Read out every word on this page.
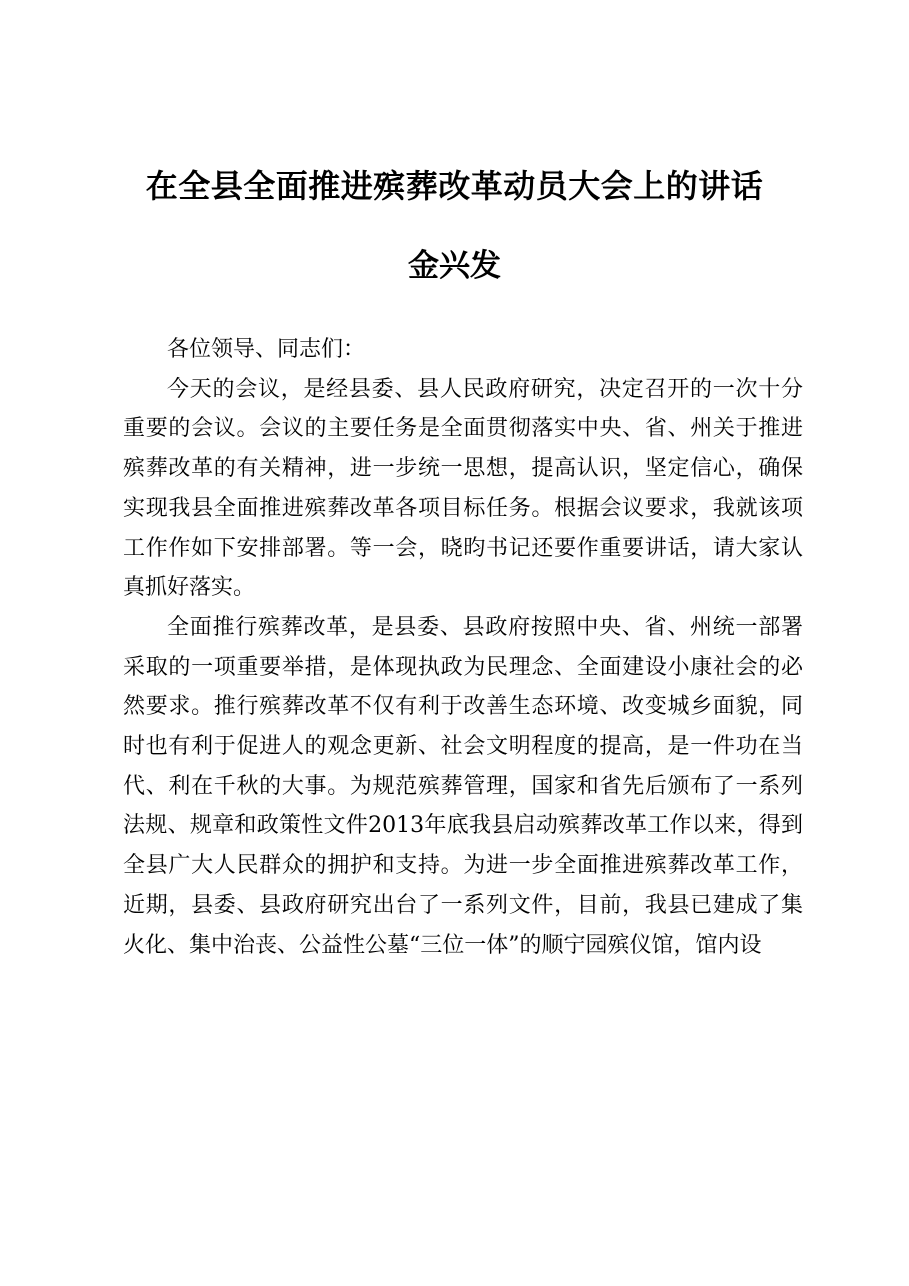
在全县全面推进殡葬改革动员大会上的讲话
金兴发

各位领导、同志们：

今天的会议，是经县委、县人民政府研究，决定召开的一次十分重要的会议。会议的主要任务是全面贯彻落实中央、省、州关于推进殡葬改革的有关精神，进一步统一思想，提高认识，坚定信心，确保实现我县全面推进殡葬改革各项目标任务。根据会议要求，我就该项工作作如下安排部署。等一会，晓昀书记还要作重要讲话，请大家认真抓好落实。

全面推行殡葬改革，是县委、县政府按照中央、省、州统一部署采取的一项重要举措，是体现执政为民理念、全面建设小康社会的必然要求。推行殡葬改革不仅有利于改善生态环境、改变城乡面貌，同时也有利于促进人的观念更新、社会文明程度的提高，是一件功在当代、利在千秋的大事。为规范殡葬管理，国家和省先后颁布了一系列法规、规章和政策性文件2013年底我县启动殡葬改革工作以来，得到全县广大人民群众的拥护和支持。为进一步全面推进殡葬改革工作，近期，县委、县政府研究出台了一系列文件，目前，我县已建成了集火化、集中治丧、公益性公墓“三位一体”的顺宁园殡仪馆，馆内设
